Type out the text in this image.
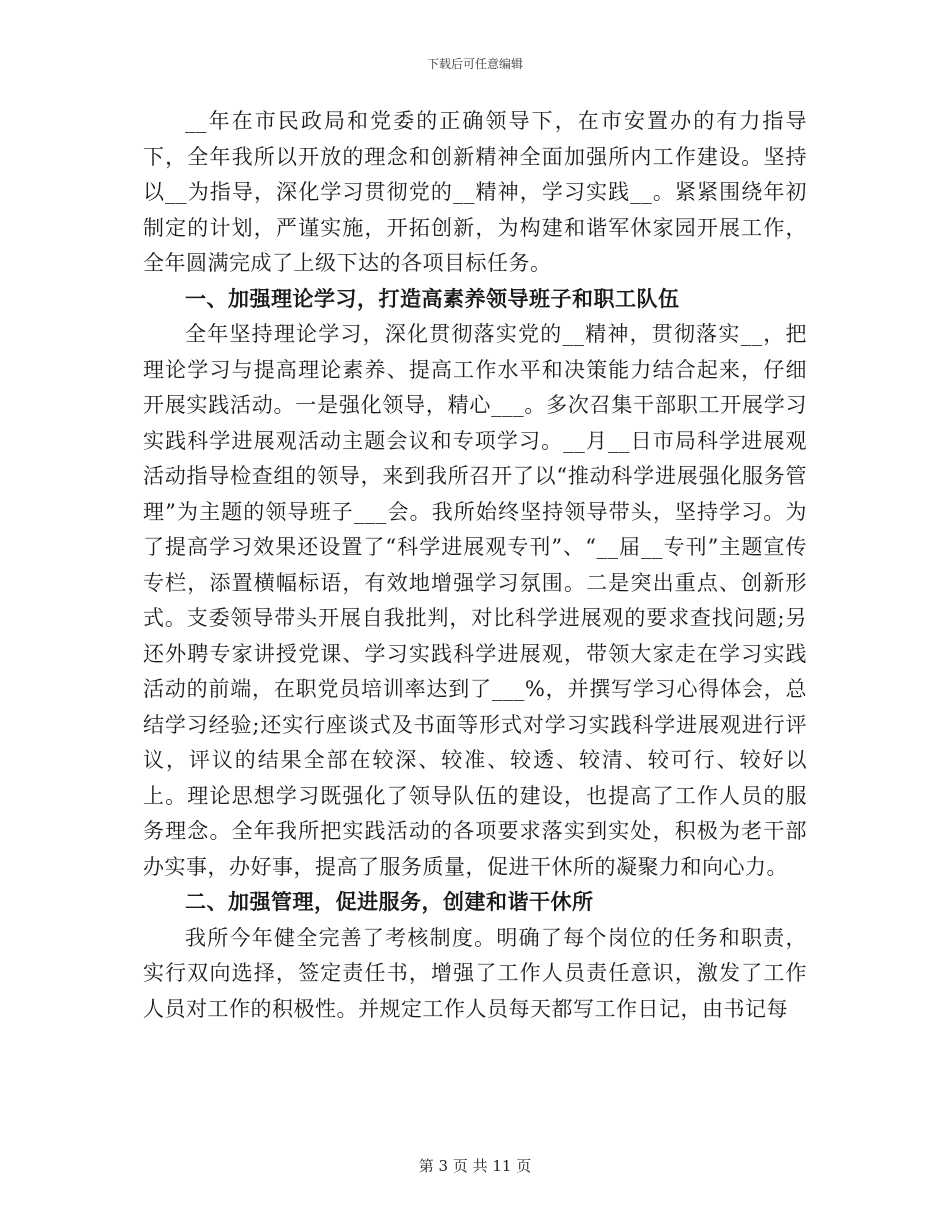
下载后可任意编辑

__年在市民政局和党委的正确领导下，在市安置办的有力指导下，全年我所以开放的理念和创新精神全面加强所内工作建设。坚持以__为指导，深化学习贯彻党的__精神，学习实践__。紧紧围绕年初制定的计划，严谨实施，开拓创新，为构建和谐军休家园开展工作，全年圆满完成了上级下达的各项目标任务。

一、加强理论学习，打造高素养领导班子和职工队伍

全年坚持理论学习，深化贯彻落实党的__精神，贯彻落实__，把理论学习与提高理论素养、提高工作水平和决策能力结合起来，仔细开展实践活动。一是强化领导，精心___。多次召集干部职工开展学习实践科学进展观活动主题会议和专项学习。__月__日市局科学进展观活动指导检查组的领导，来到我所召开了以“推动科学进展强化服务管理”为主题的领导班子___会。我所始终坚持领导带头，坚持学习。为了提高学习效果还设置了“科学进展观专刊”、“__届__专刊”主题宣传专栏，添置横幅标语，有效地增强学习氛围。二是突出重点、创新形式。支委领导带头开展自我批判，对比科学进展观的要求查找问题;另还外聘专家讲授党课、学习实践科学进展观，带领大家走在学习实践活动的前端，在职党员培训率达到了___%，并撰写学习心得体会，总结学习经验;还实行座谈式及书面等形式对学习实践科学进展观进行评议，评议的结果全部在较深、较准、较透、较清、较可行、较好以上。理论思想学习既强化了领导队伍的建设，也提高了工作人员的服务理念。全年我所把实践活动的各项要求落实到实处，积极为老干部办实事，办好事，提高了服务质量，促进干休所的凝聚力和向心力。

二、加强管理，促进服务，创建和谐干休所

我所今年健全完善了考核制度。明确了每个岗位的任务和职责，实行双向选择，签定责任书，增强了工作人员责任意识，激发了工作人员对工作的积极性。并规定工作人员每天都写工作日记，由书记每

第 3 页 共 11 页
